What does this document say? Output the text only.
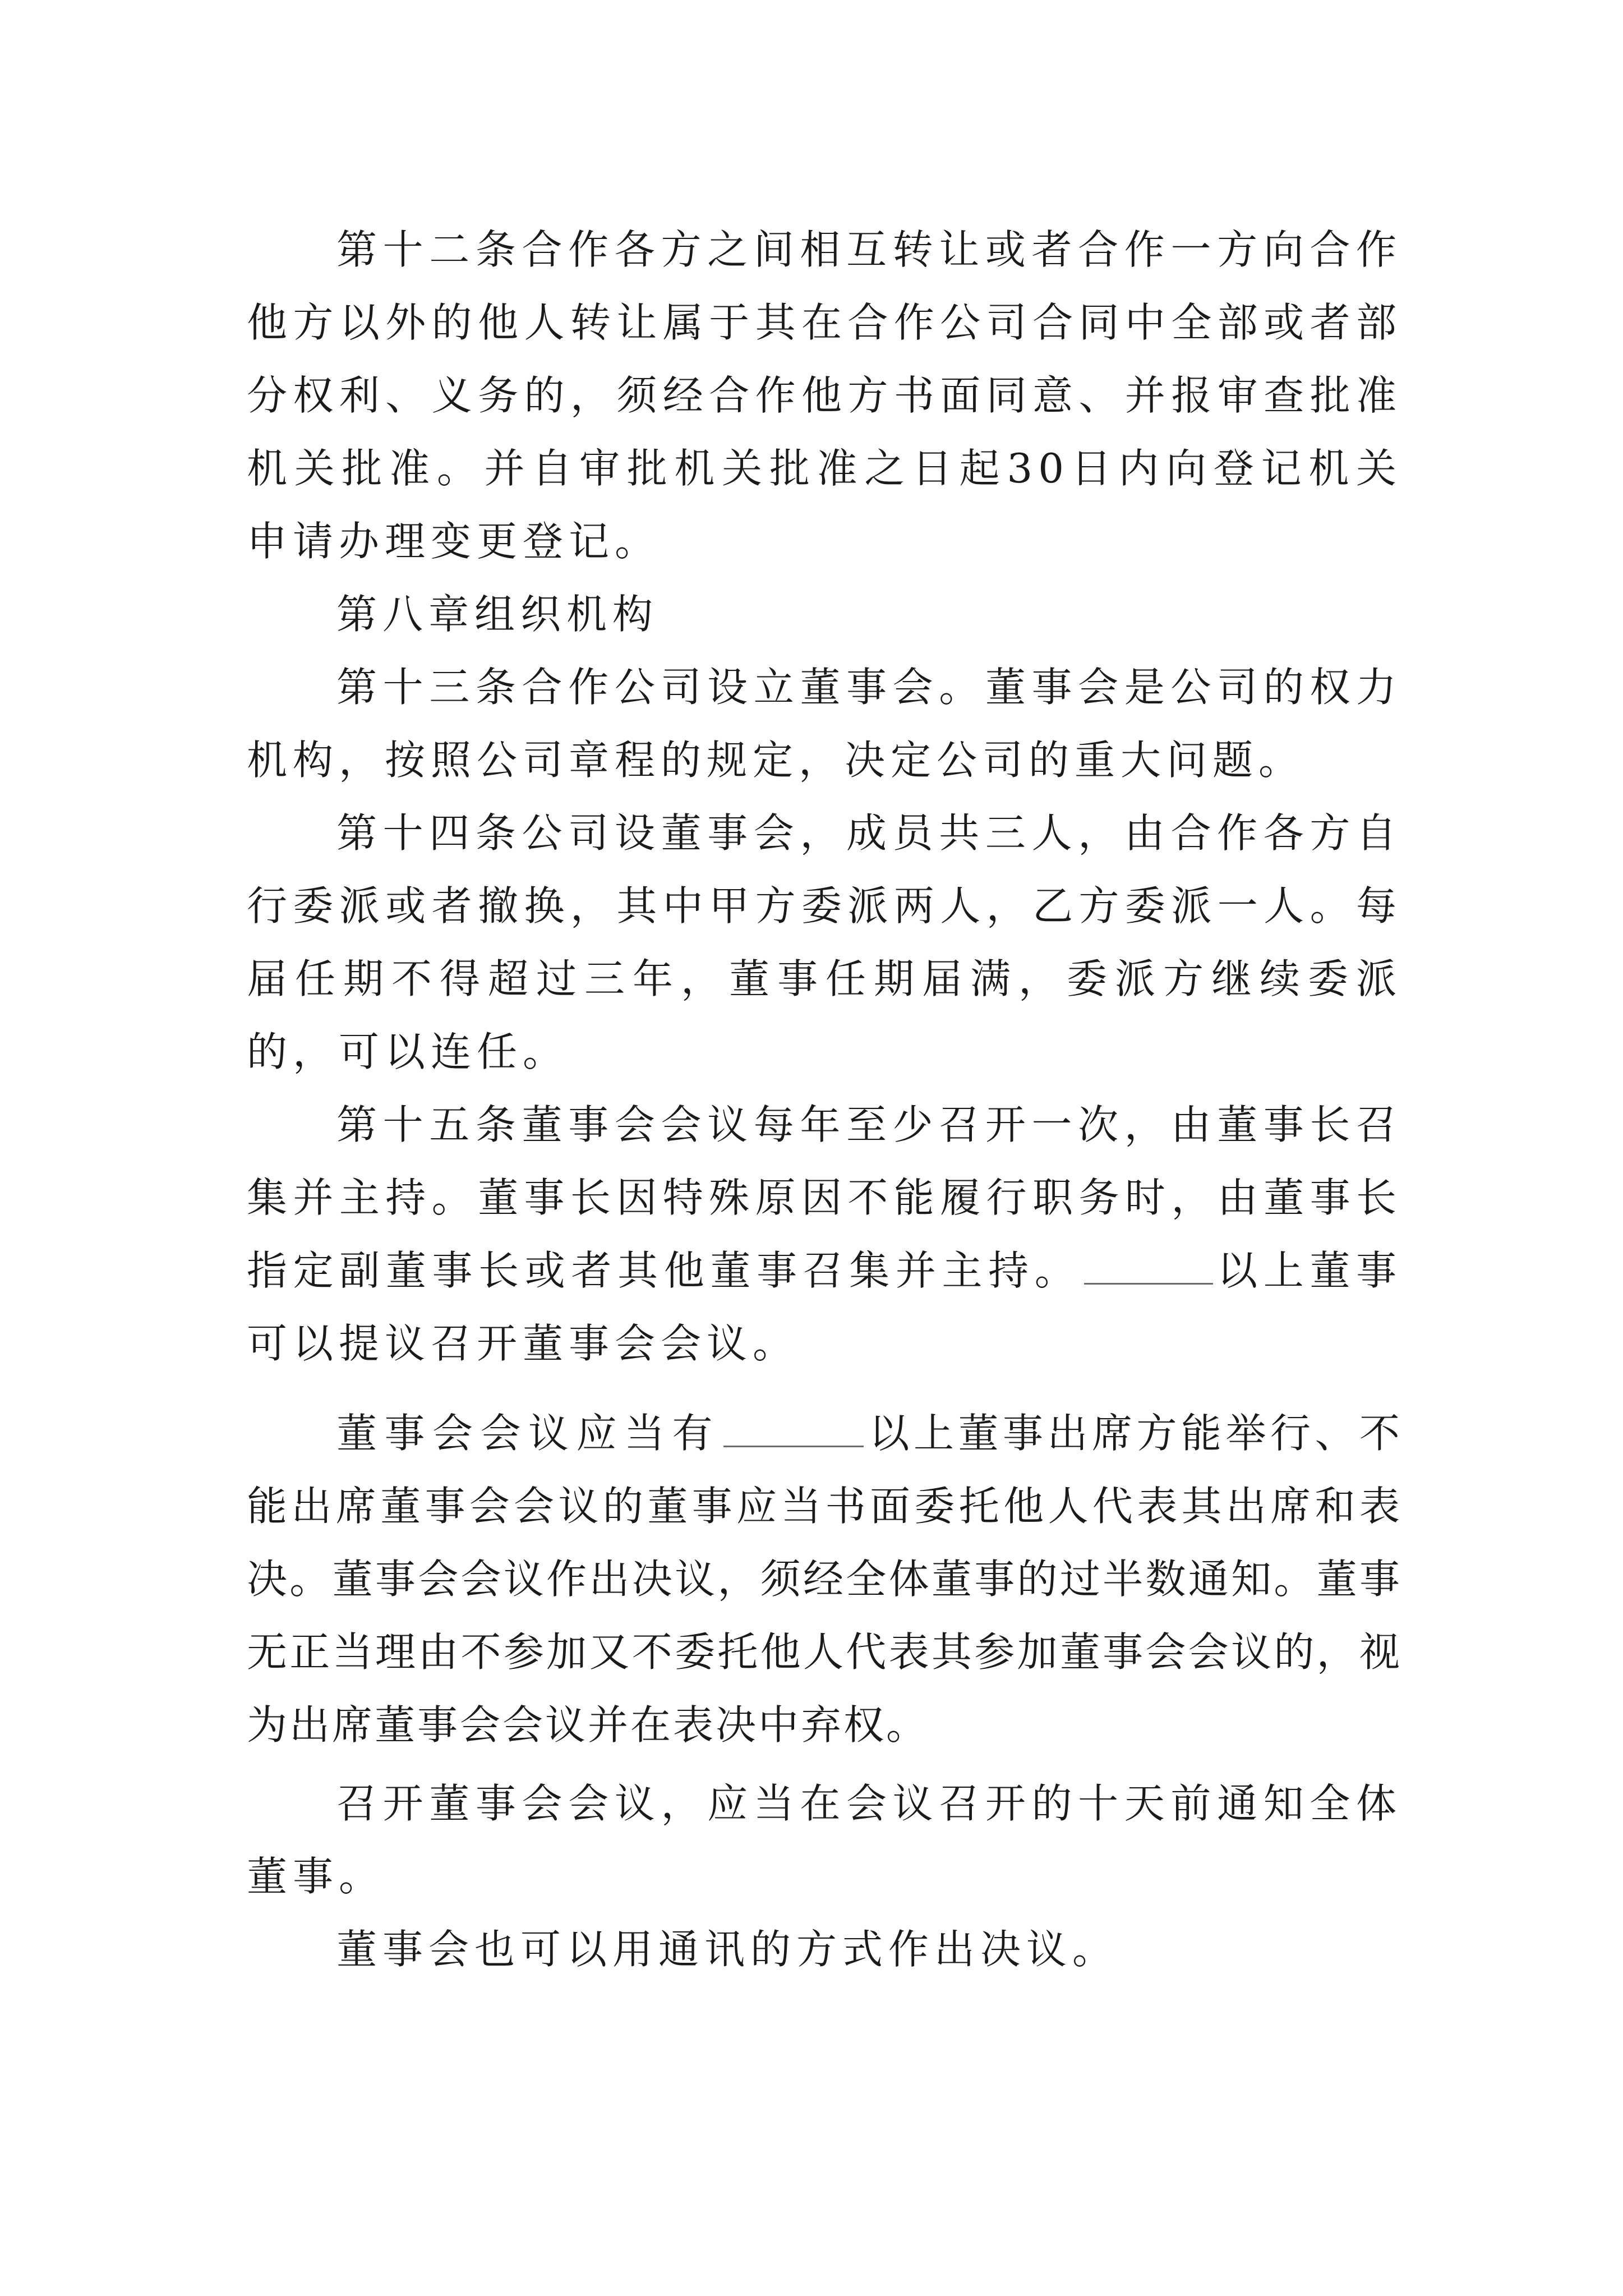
第十二条合作各方之间相互转让或者合作一方向合作他方以外的他人转让属于其在合作公司合同中全部或者部分权利、义务的，须经合作他方书面同意、并报审查批准机关批准。并自审批机关批准之日起30日内向登记机关申请办理变更登记。

第八章组织机构

第十三条合作公司设立董事会。董事会是公司的权力机构，按照公司章程的规定，决定公司的重大问题。

第十四条公司设董事会，成员共三人，由合作各方自行委派或者撤换，其中甲方委派两人，乙方委派一人。每届任期不得超过三年，董事任期届满，委派方继续委派的，可以连任。

第十五条董事会会议每年至少召开一次，由董事长召集并主持。董事长因特殊原因不能履行职务时，由董事长指定副董事长或者其他董事召集并主持。	以上董事可以提议召开董事会会议。

董事会会议应当有	以上董事出席方能举行、不能出席董事会会议的董事应当书面委托他人代表其出席和表决。董事会会议作出决议，须经全体董事的过半数通知。董事无正当理由不参加又不委托他人代表其参加董事会会议的，视为出席董事会会议并在表决中弃权。

召开董事会会议，应当在会议召开的十天前通知全体董事。

董事会也可以用通讯的方式作出决议。
